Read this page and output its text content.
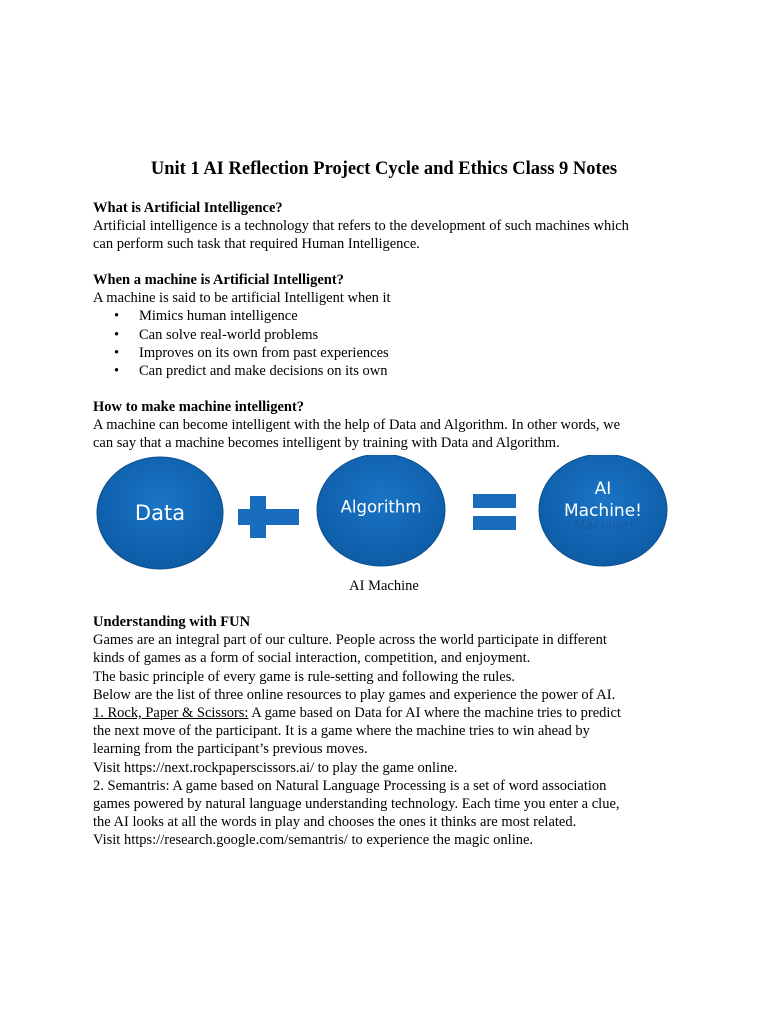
Unit 1 AI Reflection Project Cycle and Ethics Class 9 Notes
What is Artificial Intelligence?
Artificial intelligence is a technology that refers to the development of such machines which
can perform such task that required Human Intelligence.
When a machine is Artificial Intelligent?
A machine is said to be artificial Intelligent when it
• Mimics human intelligence
• Can solve real-world problems
• Improves on its own from past experiences
• Can predict and make decisions on its own
How to make machine intelligent?
A machine can become intelligent with the help of Data and Algorithm. In other words, we
can say that a machine becomes intelligent by training with Data and Algorithm.
Data	Algorithm
AI
Machine!
Machine!
AI Machine
Understanding with FUN
Games are an integral part of our culture. People across the world participate in different
kinds of games as a form of social interaction, competition, and enjoyment.
The basic principle of every game is rule-setting and following the rules.
Below are the list of three online resources to play games and experience the power of AI.
1. Rock, Paper & Scissors: A game based on Data for AI where the machine tries to predict
the next move of the participant. It is a game where the machine tries to win ahead by
learning from the participant’s previous moves.
Visit https://next.rockpaperscissors.ai/ to play the game online.
2. Semantris: A game based on Natural Language Processing is a set of word association
games powered by natural language understanding technology. Each time you enter a clue,
the AI looks at all the words in play and chooses the ones it thinks are most related.
Visit https://research.google.com/semantris/ to experience the magic online.
